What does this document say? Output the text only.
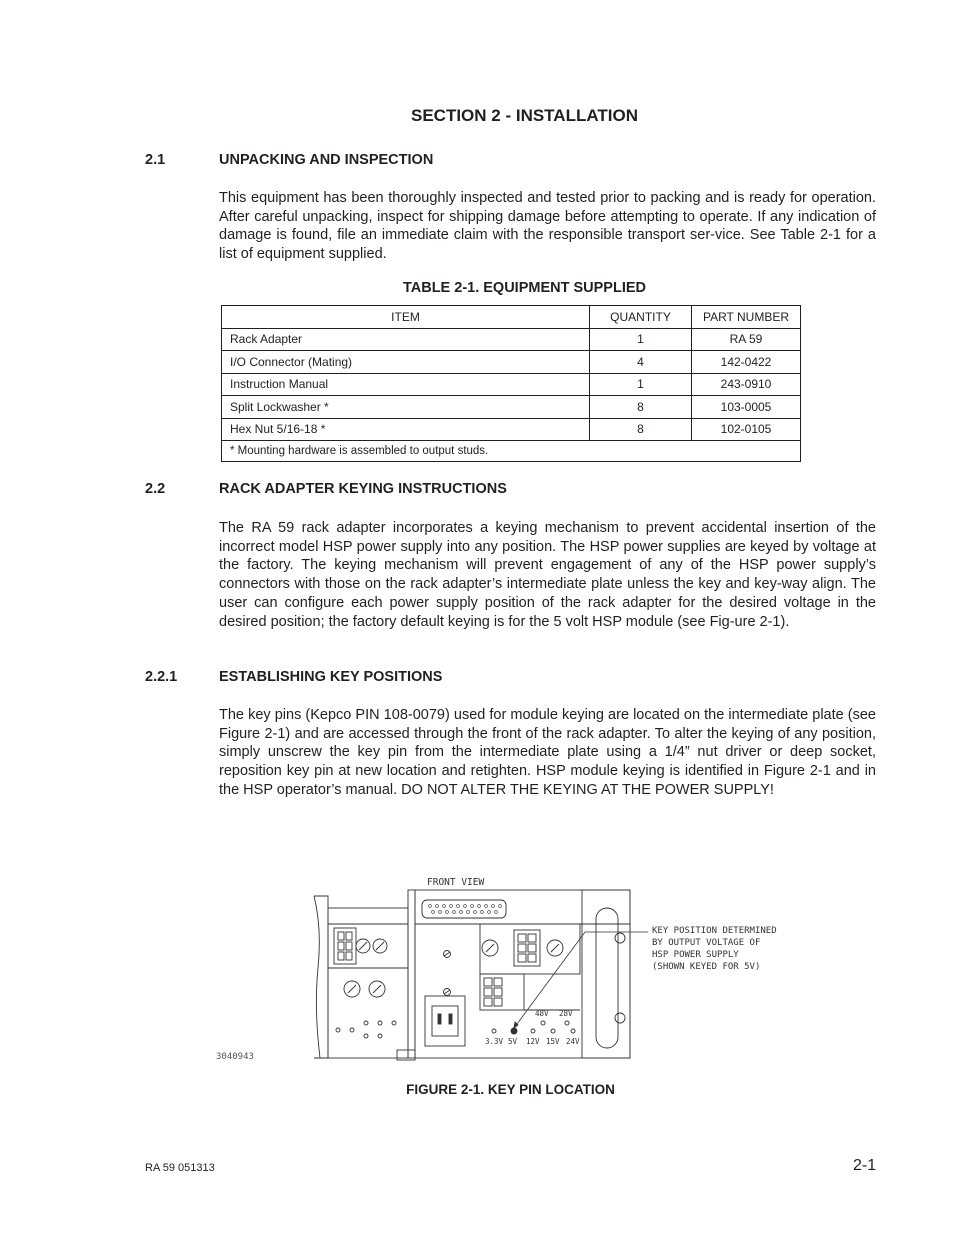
SECTION 2 - INSTALLATION
2.1	UNPACKING AND INSPECTION
This equipment has been thoroughly inspected and tested prior to packing and is ready for operation. After careful unpacking, inspect for shipping damage before attempting to operate. If any indication of damage is found, file an immediate claim with the responsible transport ser-vice. See Table 2-1 for a list of equipment supplied.
TABLE 2-1. EQUIPMENT SUPPLIED
ITEM	QUANTITY	PART NUMBER
Rack Adapter	1	RA 59
I/O Connector (Mating)	4	142-0422
Instruction Manual	1	243-0910
Split Lockwasher *	8	103-0005
Hex Nut 5/16-18 *	8	102-0105
* Mounting hardware is assembled to output studs.		
2.2	RACK ADAPTER KEYING INSTRUCTIONS
The RA 59 rack adapter incorporates a keying mechanism to prevent accidental insertion of the incorrect model HSP power supply into any position. The HSP power supplies are keyed by voltage at the factory. The keying mechanism will prevent engagement of any of the HSP power supply’s connectors with those on the rack adapter’s intermediate plate unless the key and key-way align. The user can configure each power supply position of the rack adapter for the desired voltage in the desired position; the factory default keying is for the 5 volt HSP module (see Fig-ure 2-1).
2.2.1	ESTABLISHING KEY POSITIONS
The key pins (Kepco PIN 108-0079) used for module keying are located on the intermediate plate (see Figure 2-1) and are accessed through the front of the rack adapter. To alter the keying of any position, simply unscrew the key pin from the intermediate plate using a 1/4” nut driver or deep socket, reposition key pin at new location and retighten. HSP module keying is identified in Figure 2-1 and in the HSP operator’s manual. DO NOT ALTER THE KEYING AT THE POWER SUPPLY!
FRONT VIEW
48V 28V
3.3V 5V 12V 15V 24V
KEY POSITION DETERMINED
BY OUTPUT VOLTAGE OF
HSP POWER SUPPLY
(SHOWN KEYED FOR 5V)
3040943
FIGURE 2-1. KEY PIN LOCATION
RA 59 051313	2-1
